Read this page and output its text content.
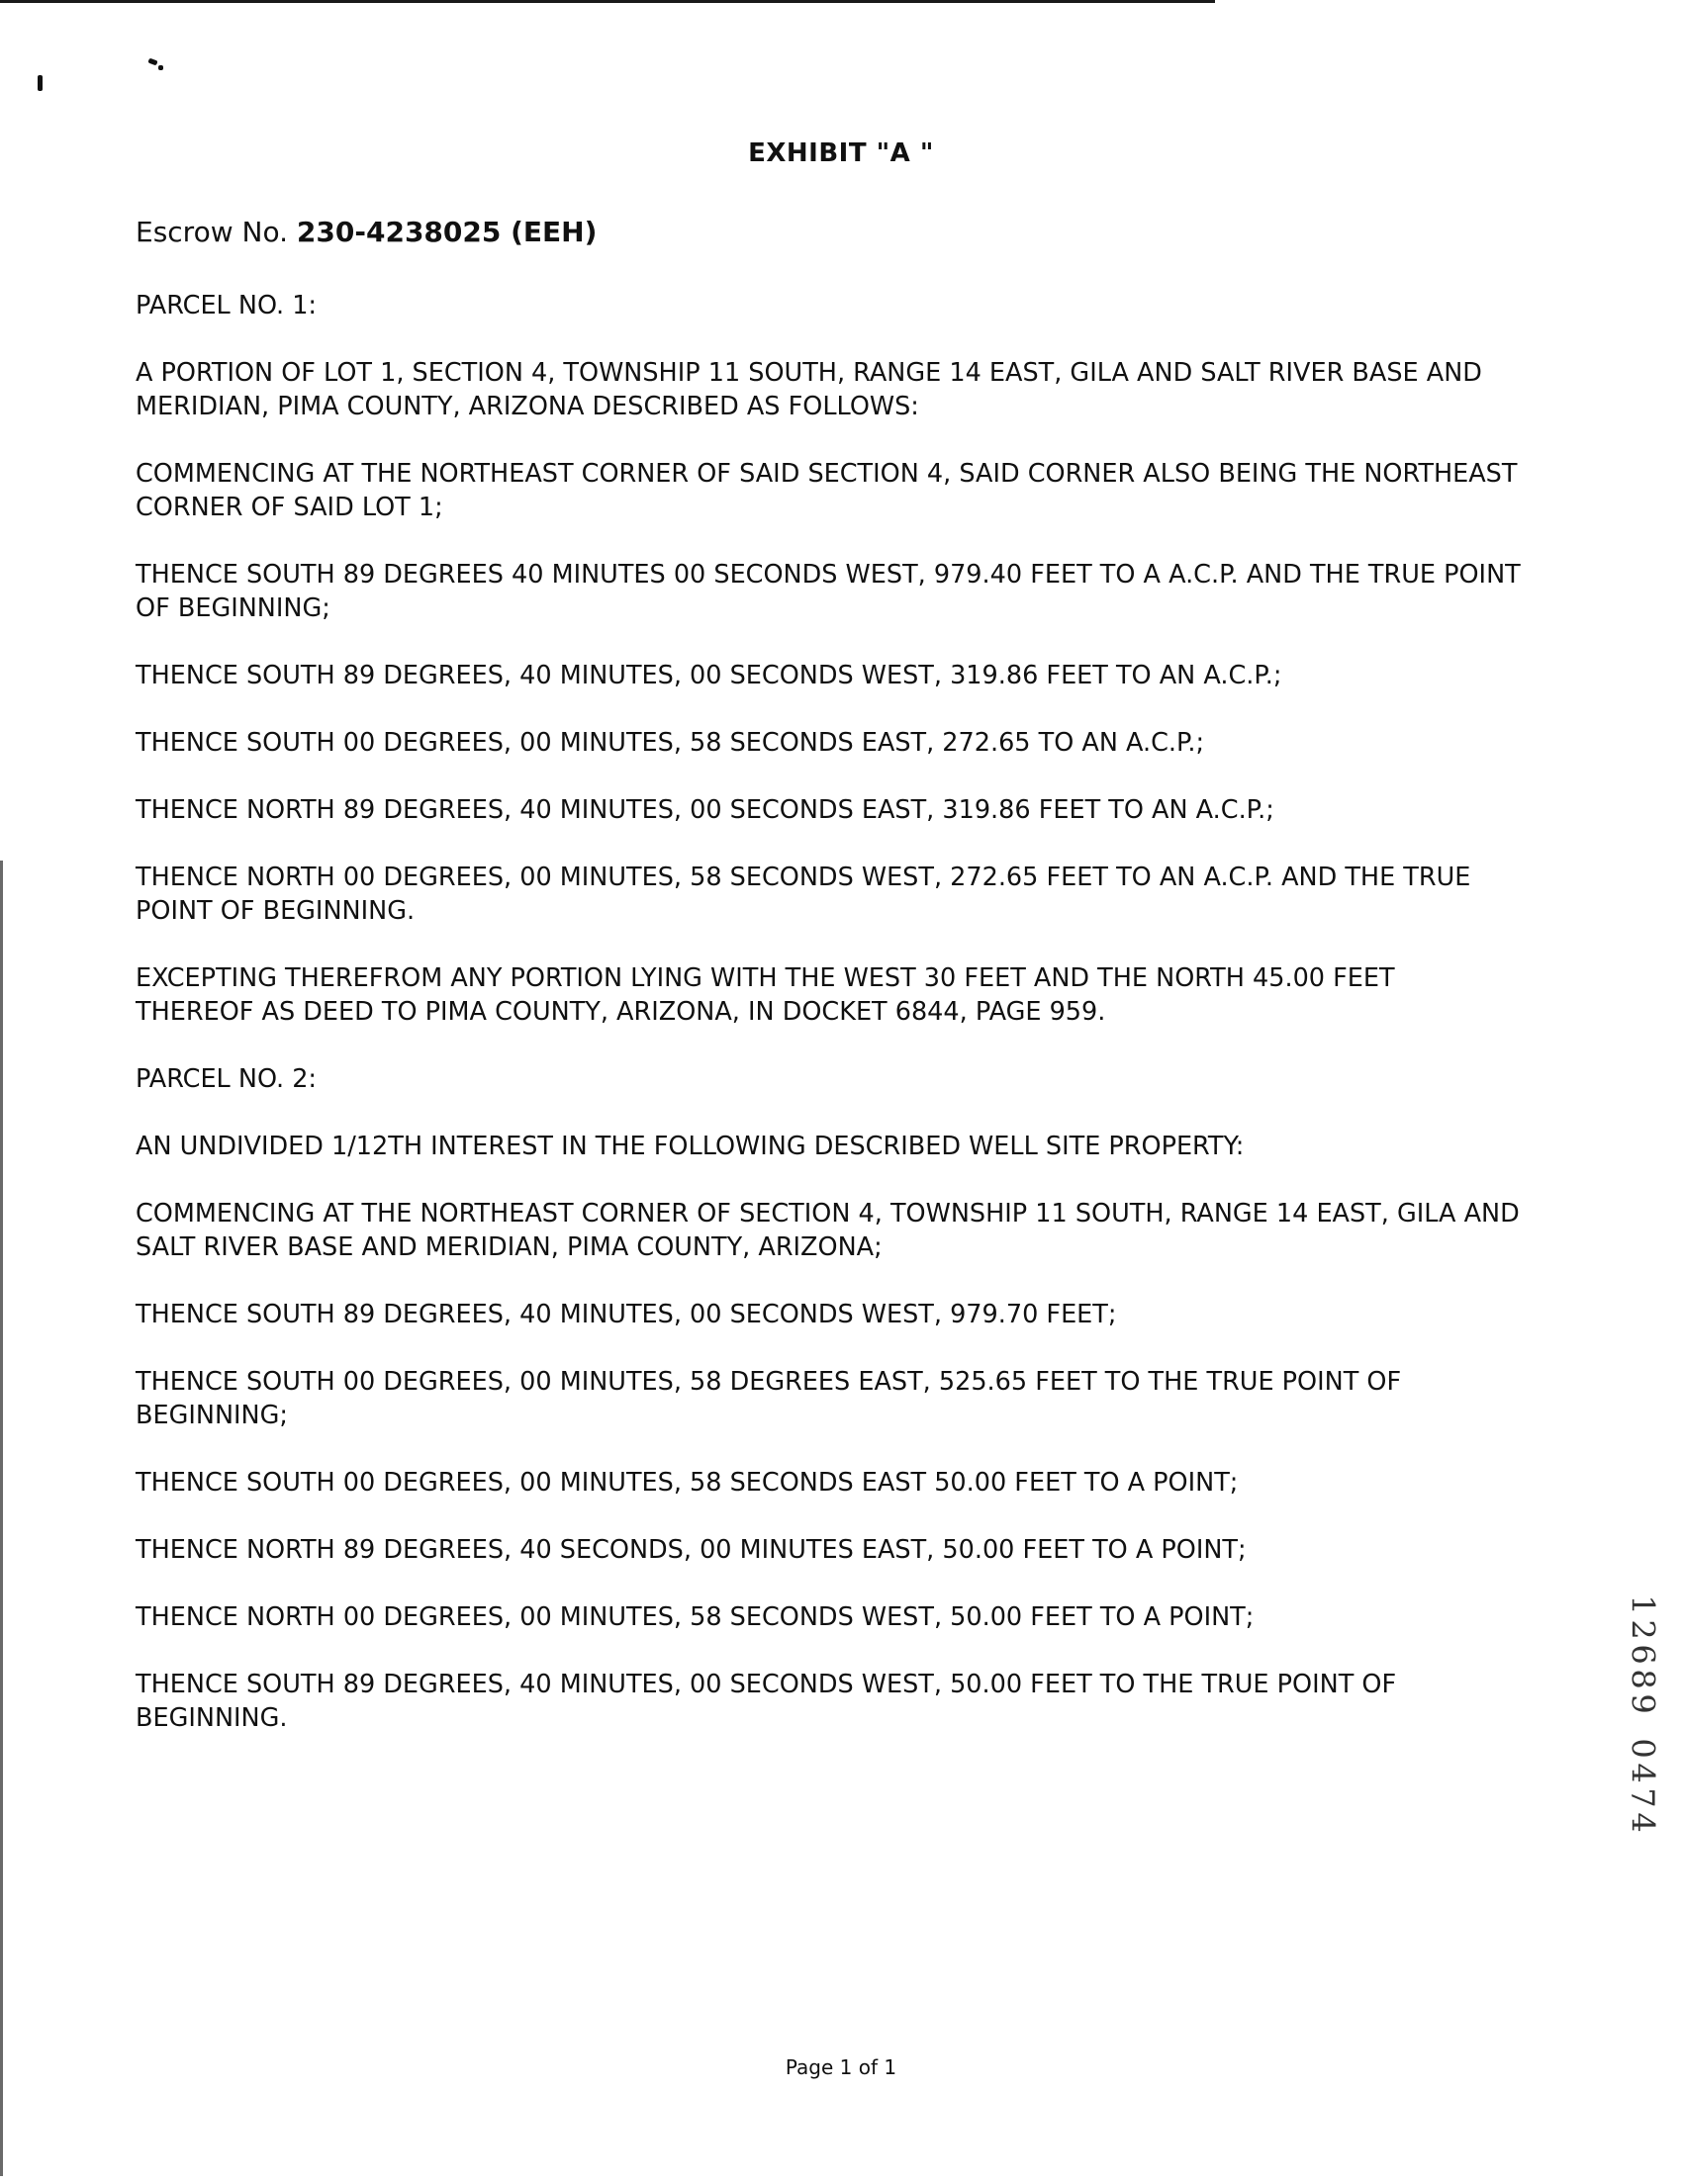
EXHIBIT "A "

Escrow No. 230-4238025 (EEH)

PARCEL NO. 1:

A PORTION OF LOT 1, SECTION 4, TOWNSHIP 11 SOUTH, RANGE 14 EAST, GILA AND SALT RIVER BASE AND MERIDIAN, PIMA COUNTY, ARIZONA DESCRIBED AS FOLLOWS:

COMMENCING AT THE NORTHEAST CORNER OF SAID SECTION 4, SAID CORNER ALSO BEING THE NORTHEAST CORNER OF SAID LOT 1;

THENCE SOUTH 89 DEGREES 40 MINUTES 00 SECONDS WEST, 979.40 FEET TO A A.C.P. AND THE TRUE POINT OF BEGINNING;

THENCE SOUTH 89 DEGREES, 40 MINUTES, 00 SECONDS WEST, 319.86 FEET TO AN A.C.P.;

THENCE SOUTH 00 DEGREES, 00 MINUTES, 58 SECONDS EAST, 272.65 TO AN A.C.P.;

THENCE NORTH 89 DEGREES, 40 MINUTES, 00 SECONDS EAST, 319.86 FEET TO AN A.C.P.;

THENCE NORTH 00 DEGREES, 00 MINUTES, 58 SECONDS WEST, 272.65 FEET TO AN A.C.P. AND THE TRUE POINT OF BEGINNING.

EXCEPTING THEREFROM ANY PORTION LYING WITH THE WEST 30 FEET AND THE NORTH 45.00 FEET THEREOF AS DEED TO PIMA COUNTY, ARIZONA, IN DOCKET 6844, PAGE 959.

PARCEL NO. 2:

AN UNDIVIDED 1/12TH INTEREST IN THE FOLLOWING DESCRIBED WELL SITE PROPERTY:

COMMENCING AT THE NORTHEAST CORNER OF SECTION 4, TOWNSHIP 11 SOUTH, RANGE 14 EAST, GILA AND SALT RIVER BASE AND MERIDIAN, PIMA COUNTY, ARIZONA;

THENCE SOUTH 89 DEGREES, 40 MINUTES, 00 SECONDS WEST, 979.70 FEET;

THENCE SOUTH 00 DEGREES, 00 MINUTES, 58 DEGREES EAST, 525.65 FEET TO THE TRUE POINT OF BEGINNING;

THENCE SOUTH 00 DEGREES, 00 MINUTES, 58 SECONDS EAST 50.00 FEET TO A POINT;

THENCE NORTH 89 DEGREES, 40 SECONDS, 00 MINUTES EAST, 50.00 FEET TO A POINT;

THENCE NORTH 00 DEGREES, 00 MINUTES, 58 SECONDS WEST, 50.00 FEET TO A POINT;

THENCE SOUTH 89 DEGREES, 40 MINUTES, 00 SECONDS WEST, 50.00 FEET TO THE TRUE POINT OF BEGINNING.

1
2
6
8
9
0
4
7
4

Page 1 of 1
